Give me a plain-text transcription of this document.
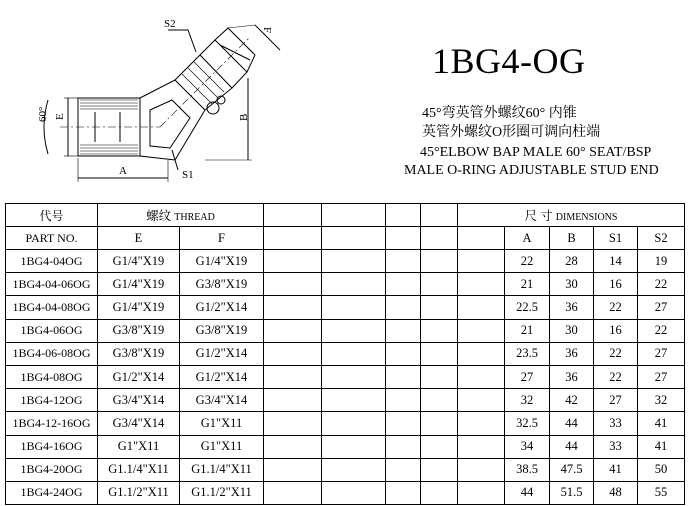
S2
F
E
60°	B
A	S1
1BG4-OG
45°弯英管外螺纹60° 内锥
英管外螺纹O形圈可调向柱端
45°ELBOW BAP MALE 60° SEAT/BSP
MALE O-RING ADJUSTABLE STUD END
代号	螺纹 THREAD						尺 寸 DIMENSIONS				
PART NO.	E	F						A	B	S1	S2
1BG4-04OG	G1/4"X19	G1/4"X19						22	28	14	19
1BG4-04-06OG	G1/4"X19	G3/8"X19						21	30	16	22
1BG4-04-08OG	G1/4"X19	G1/2"X14						22.5	36	22	27
1BG4-06OG	G3/8"X19	G3/8"X19						21	30	16	22
1BG4-06-08OG	G3/8"X19	G1/2"X14						23.5	36	22	27
1BG4-08OG	G1/2"X14	G1/2"X14						27	36	22	27
1BG4-12OG	G3/4"X14	G3/4"X14						32	42	27	32
1BG4-12-16OG	G3/4"X14	G1"X11						32.5	44	33	41
1BG4-16OG	G1"X11	G1"X11						34	44	33	41
1BG4-20OG	G1.1/4"X11	G1.1/4"X11						38.5	47.5	41	50
1BG4-24OG	G1.1/2"X11	G1.1/2"X11						44	51.5	48	55
